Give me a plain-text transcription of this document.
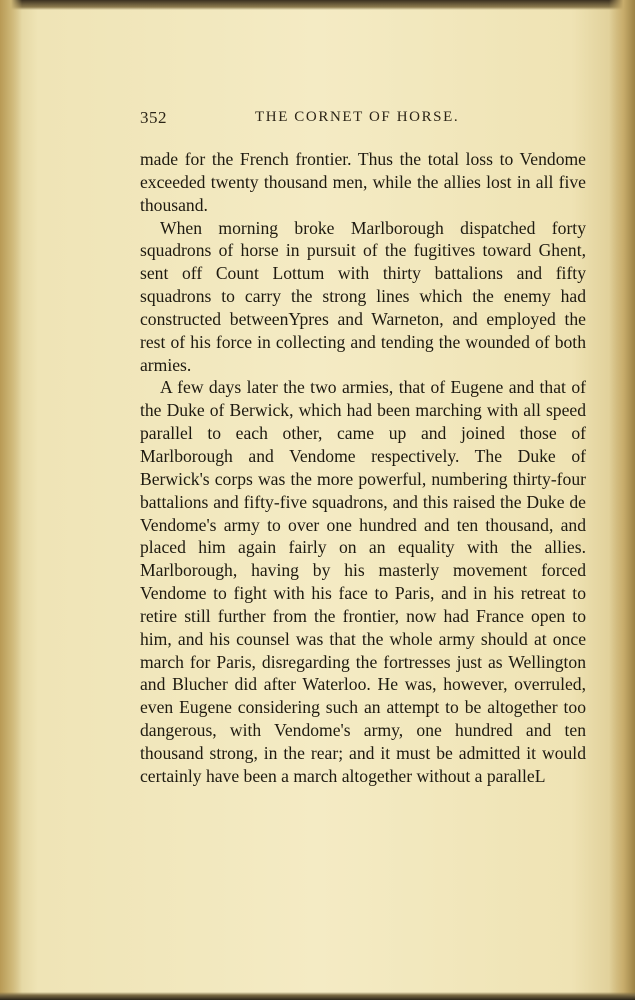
352	THE CORNET OF HORSE.

made for the French frontier. Thus the total loss to Vendome exceeded twenty thousand men, while the allies lost in all five thousand.

When morning broke Marlborough dispatched forty squadrons of horse in pursuit of the fugitives toward Ghent, sent off Count Lottum with thirty battalions and fifty squadrons to carry the strong lines which the enemy had constructed betweenYpres and Warneton, and employed the rest of his force in collecting and tending the wounded of both armies.

A few days later the two armies, that of Eugene and that of the Duke of Berwick, which had been marching with all speed parallel to each other, came up and joined those of Marlborough and Vendome respectively. The Duke of Berwick's corps was the more powerful, numbering thirty-four battalions and fifty-five squadrons, and this raised the Duke de Vendome's army to over one hundred and ten thousand, and placed him again fairly on an equality with the allies. Marlborough, having by his masterly movement forced Vendome to fight with his face to Paris, and in his retreat to retire still further from the frontier, now had France open to him, and his counsel was that the whole army should at once march for Paris, disregarding the fortresses just as Wellington and Blucher did after Waterloo. He was, however, overruled, even Eugene considering such an attempt to be altogether too dangerous, with Vendome's army, one hundred and ten thousand strong, in the rear; and it must be admitted it would certainly have been a march altogether without a paralleL
